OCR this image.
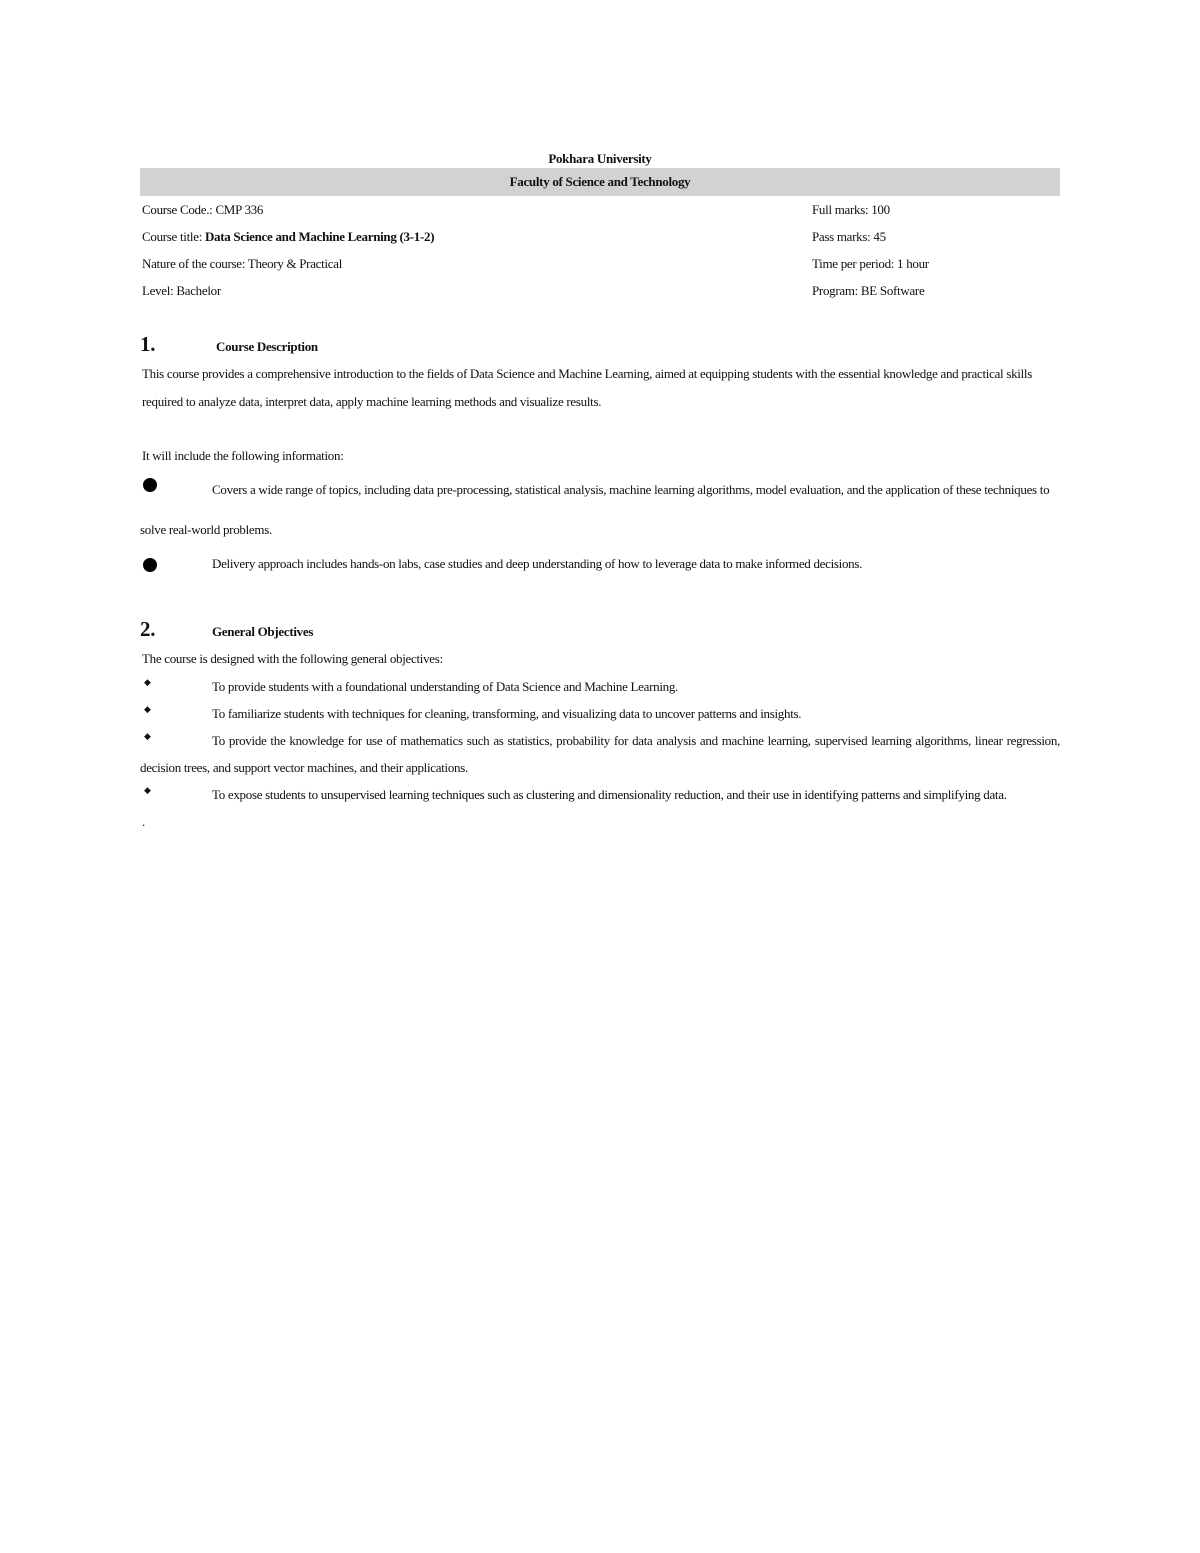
Pokhara University
Faculty of Science and Technology
Course Code.: CMP 336	Full marks: 100
Course title: Data Science and Machine Learning (3-1-2)	Pass marks: 45
Nature of the course: Theory & Practical	Time per period: 1 hour
Level: Bachelor	Program: BE Software
1.	Course Description

This course provides a comprehensive introduction to the fields of Data Science and Machine Learning, aimed at equipping students with the essential knowledge and practical skills required to analyze data, interpret data, apply machine learning methods and visualize results.

It will include the following information:

Covers a wide range of topics, including data pre-processing, statistical analysis, machine learning algorithms, model evaluation, and the application of these techniques to solve real-world problems.
Delivery approach includes hands-on labs, case studies and deep understanding of how to leverage data to make informed decisions.
2.	General Objectives

The course is designed with the following general objectives:

◆	To provide students with a foundational understanding of Data Science and Machine Learning.
◆	To familiarize students with techniques for cleaning, transforming, and visualizing data to uncover patterns and insights.
◆	To provide the knowledge for use of mathematics such as statistics, probability for data analysis and machine learning, supervised learning algorithms, linear regression, decision trees, and support vector machines, and their applications.
◆	To expose students to unsupervised learning techniques such as clustering and dimensionality reduction, and their use in identifying patterns and simplifying data.

.
